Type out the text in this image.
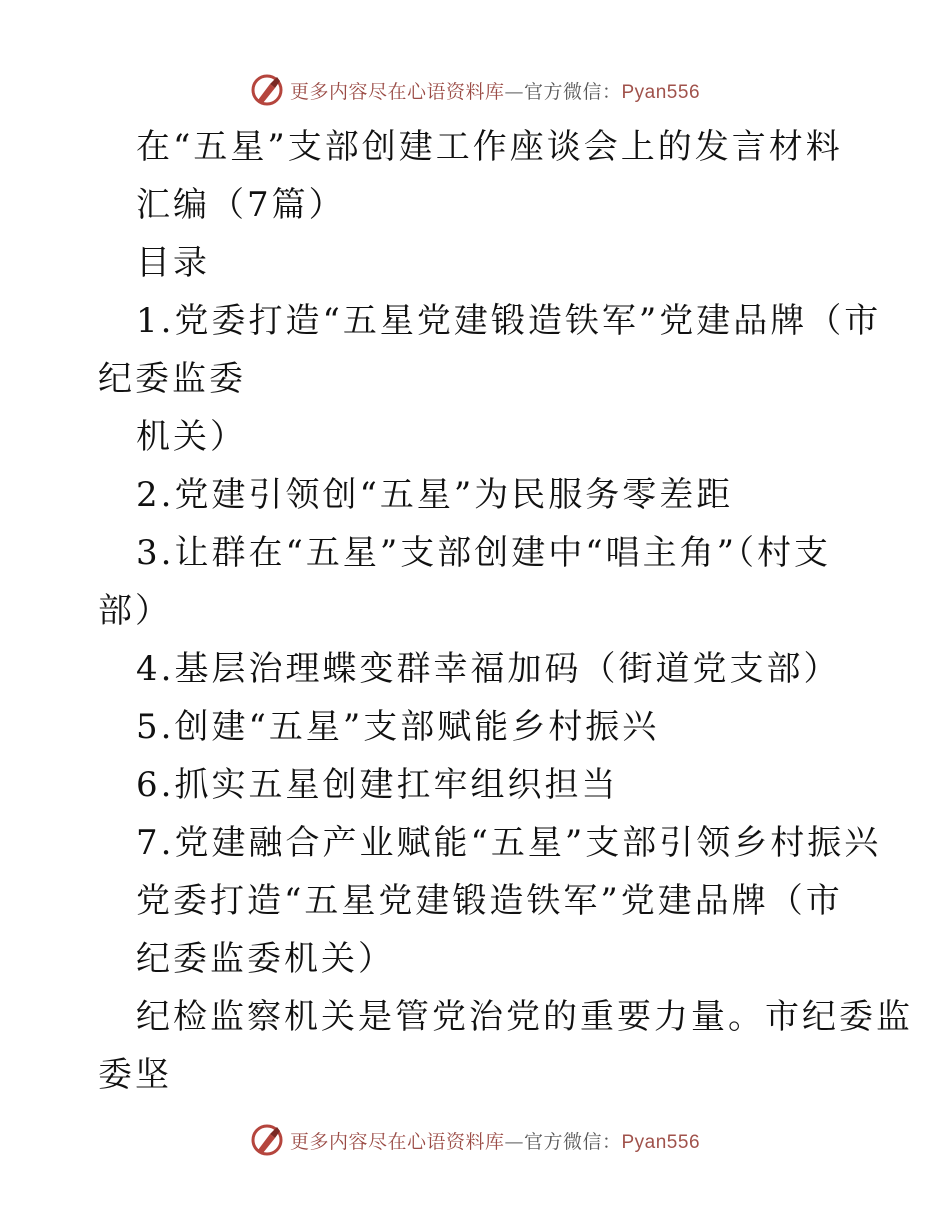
更多内容尽在心语资料库—官方微信：Pyan556
在“五星”支部创建工作座谈会上的发言材料
汇编（7篇）
目录
1.党委打造“五星党建锻造铁军”党建品牌（市
纪委监委
机关）
2.党建引领创“五星”为民服务零差距
3.让群在“五星”支部创建中“唱主角”（村支
部）
4.基层治理蝶变群幸福加码（街道党支部）
5.创建“五星”支部赋能乡村振兴
6.抓实五星创建扛牢组织担当
7.党建融合产业赋能“五星”支部引领乡村振兴
党委打造“五星党建锻造铁军”党建品牌（市
纪委监委机关）
纪检监察机关是管党治党的重要力量。市纪委监
委坚
更多内容尽在心语资料库—官方微信：Pyan556
